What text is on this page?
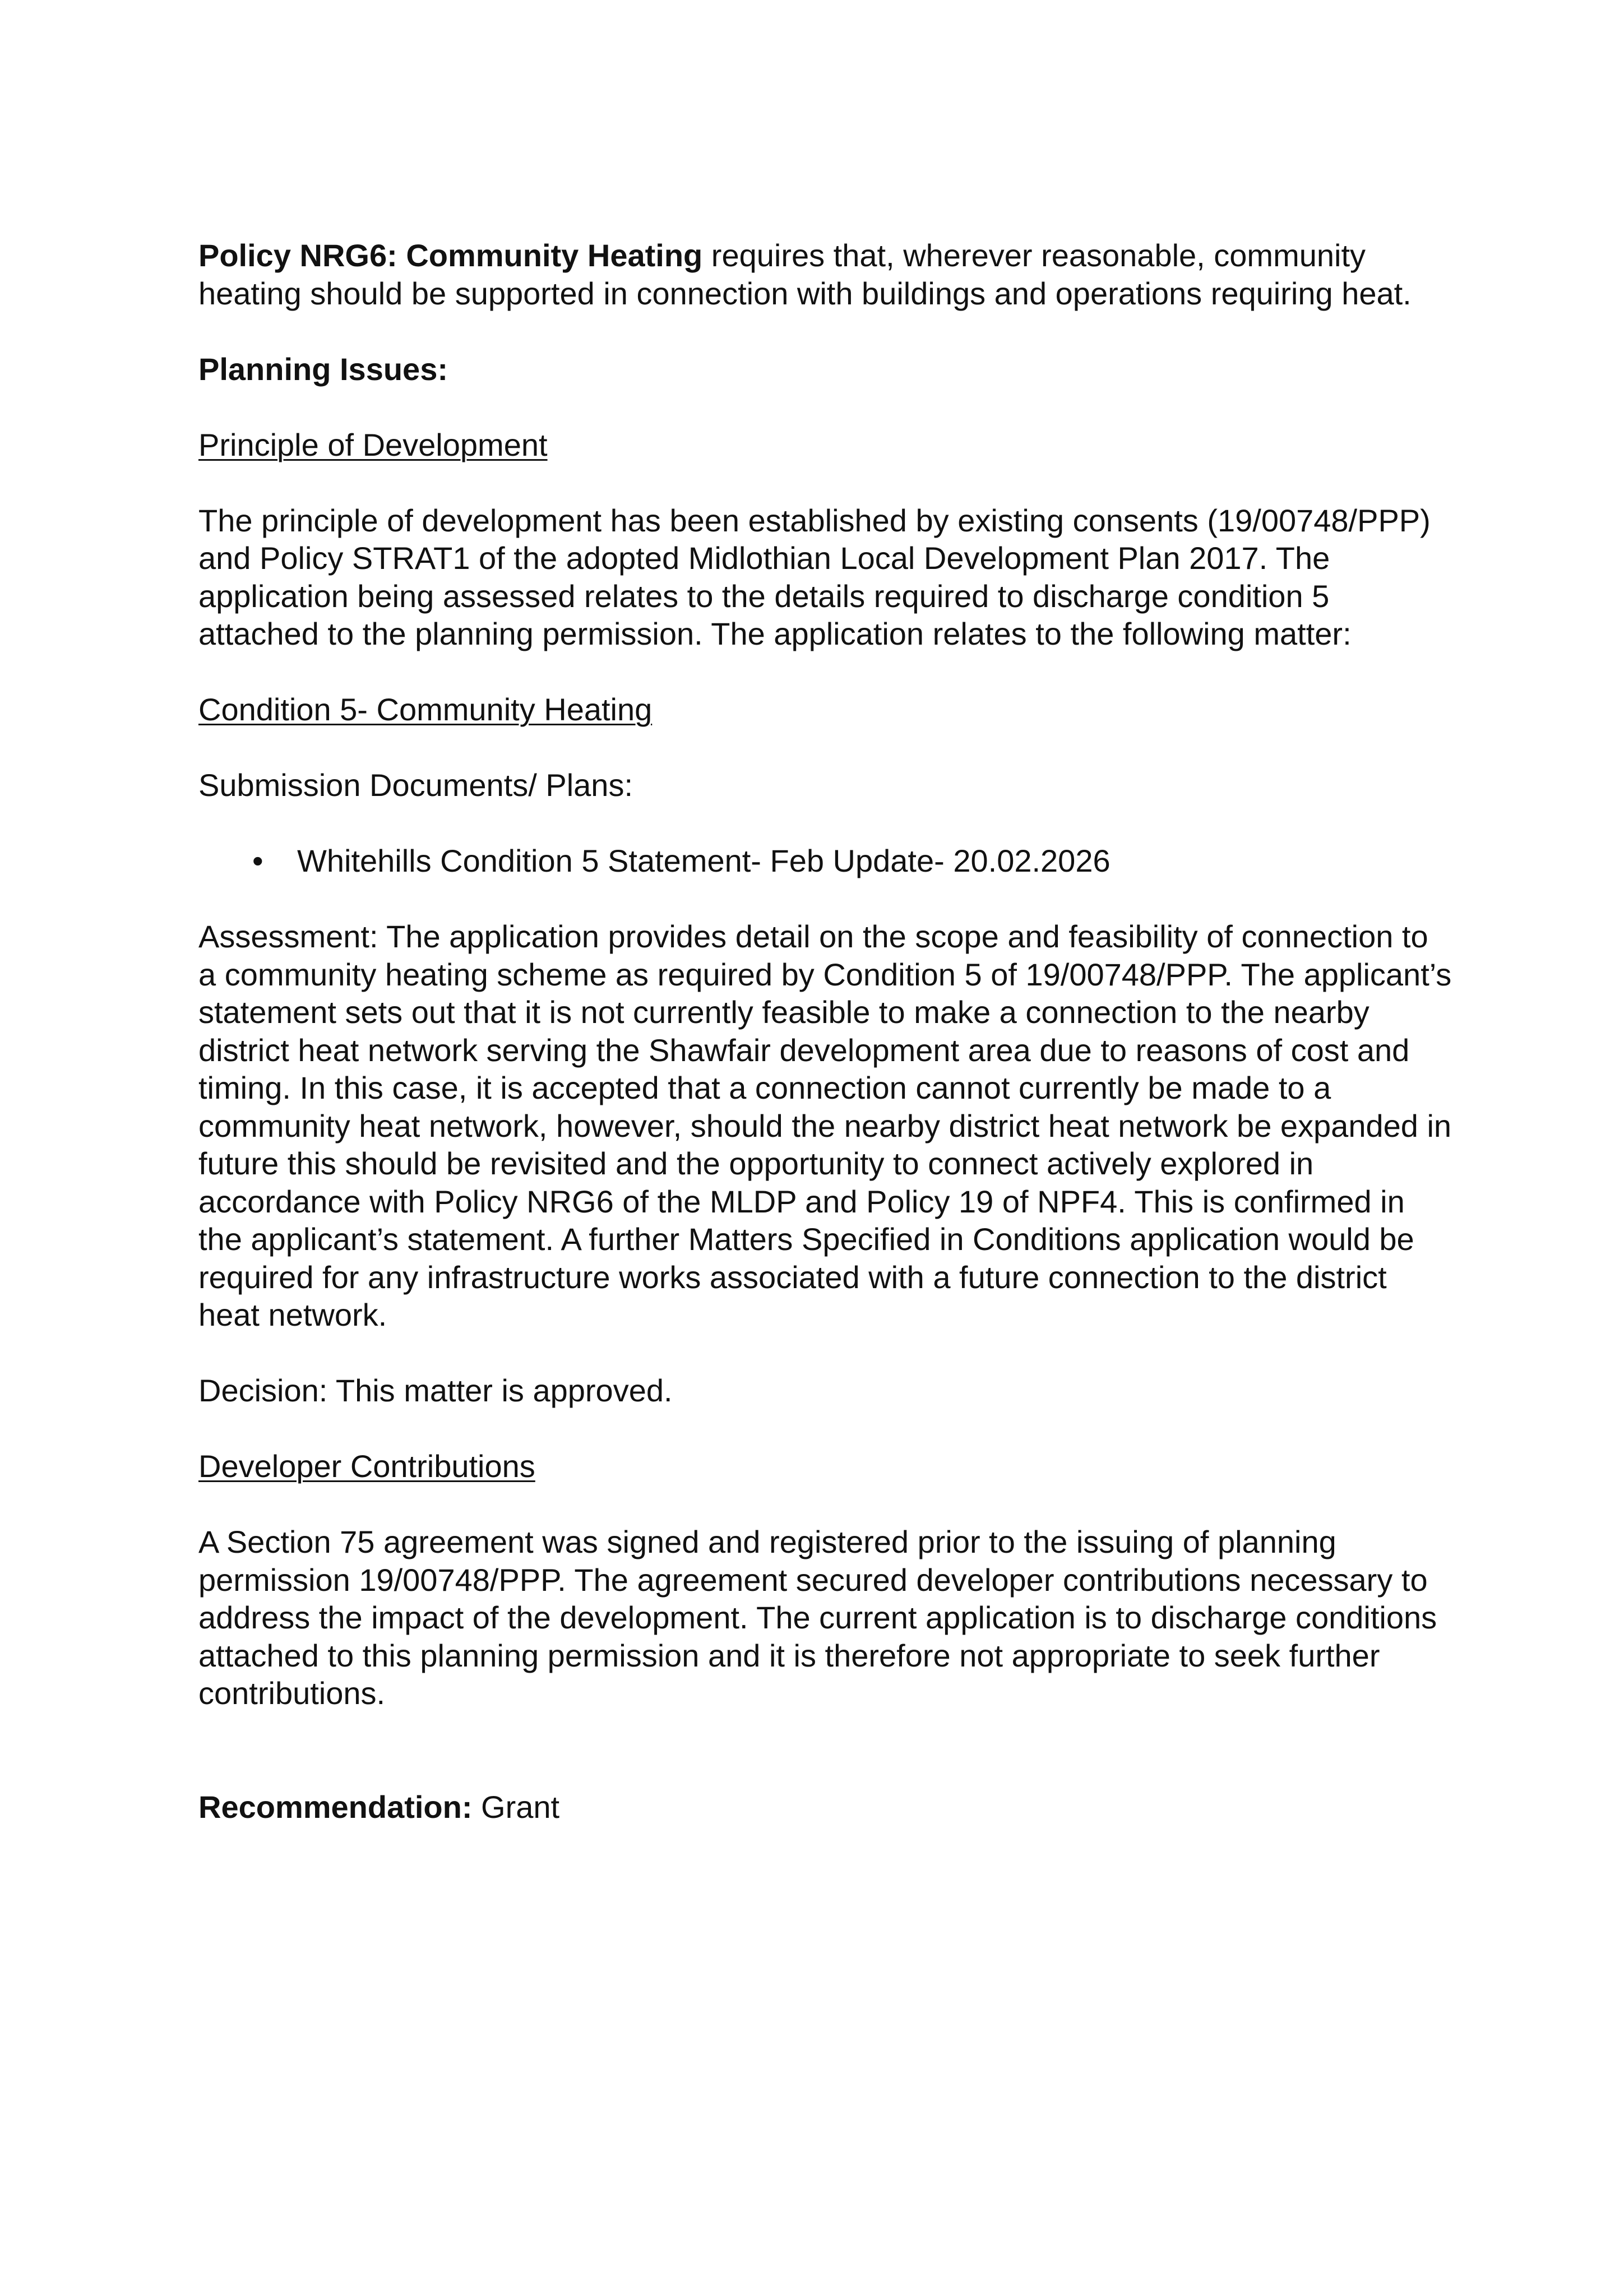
Policy NRG6: Community Heating requires that, wherever reasonable, community heating should be supported in connection with buildings and operations requiring heat.

Planning Issues:

Principle of Development

The principle of development has been established by existing consents (19/00748/PPP) and Policy STRAT1 of the adopted Midlothian Local Development Plan 2017. The application being assessed relates to the details required to discharge condition 5 attached to the planning permission. The application relates to the following matter:

Condition 5- Community Heating

Submission Documents/ Plans:

• Whitehills Condition 5 Statement- Feb Update- 20.02.2026

Assessment: The application provides detail on the scope and feasibility of connection to a community heating scheme as required by Condition 5 of 19/00748/PPP. The applicant’s statement sets out that it is not currently feasible to make a connection to the nearby district heat network serving the Shawfair development area due to reasons of cost and timing. In this case, it is accepted that a connection cannot currently be made to a community heat network, however, should the nearby district heat network be expanded in future this should be revisited and the opportunity to connect actively explored in accordance with Policy NRG6 of the MLDP and Policy 19 of NPF4. This is confirmed in the applicant’s statement. A further Matters Specified in Conditions application would be required for any infrastructure works associated with a future connection to the district heat network.

Decision: This matter is approved.

Developer Contributions

A Section 75 agreement was signed and registered prior to the issuing of planning permission 19/00748/PPP. The agreement secured developer contributions necessary to address the impact of the development. The current application is to discharge conditions attached to this planning permission and it is therefore not appropriate to seek further contributions.

Recommendation: Grant
